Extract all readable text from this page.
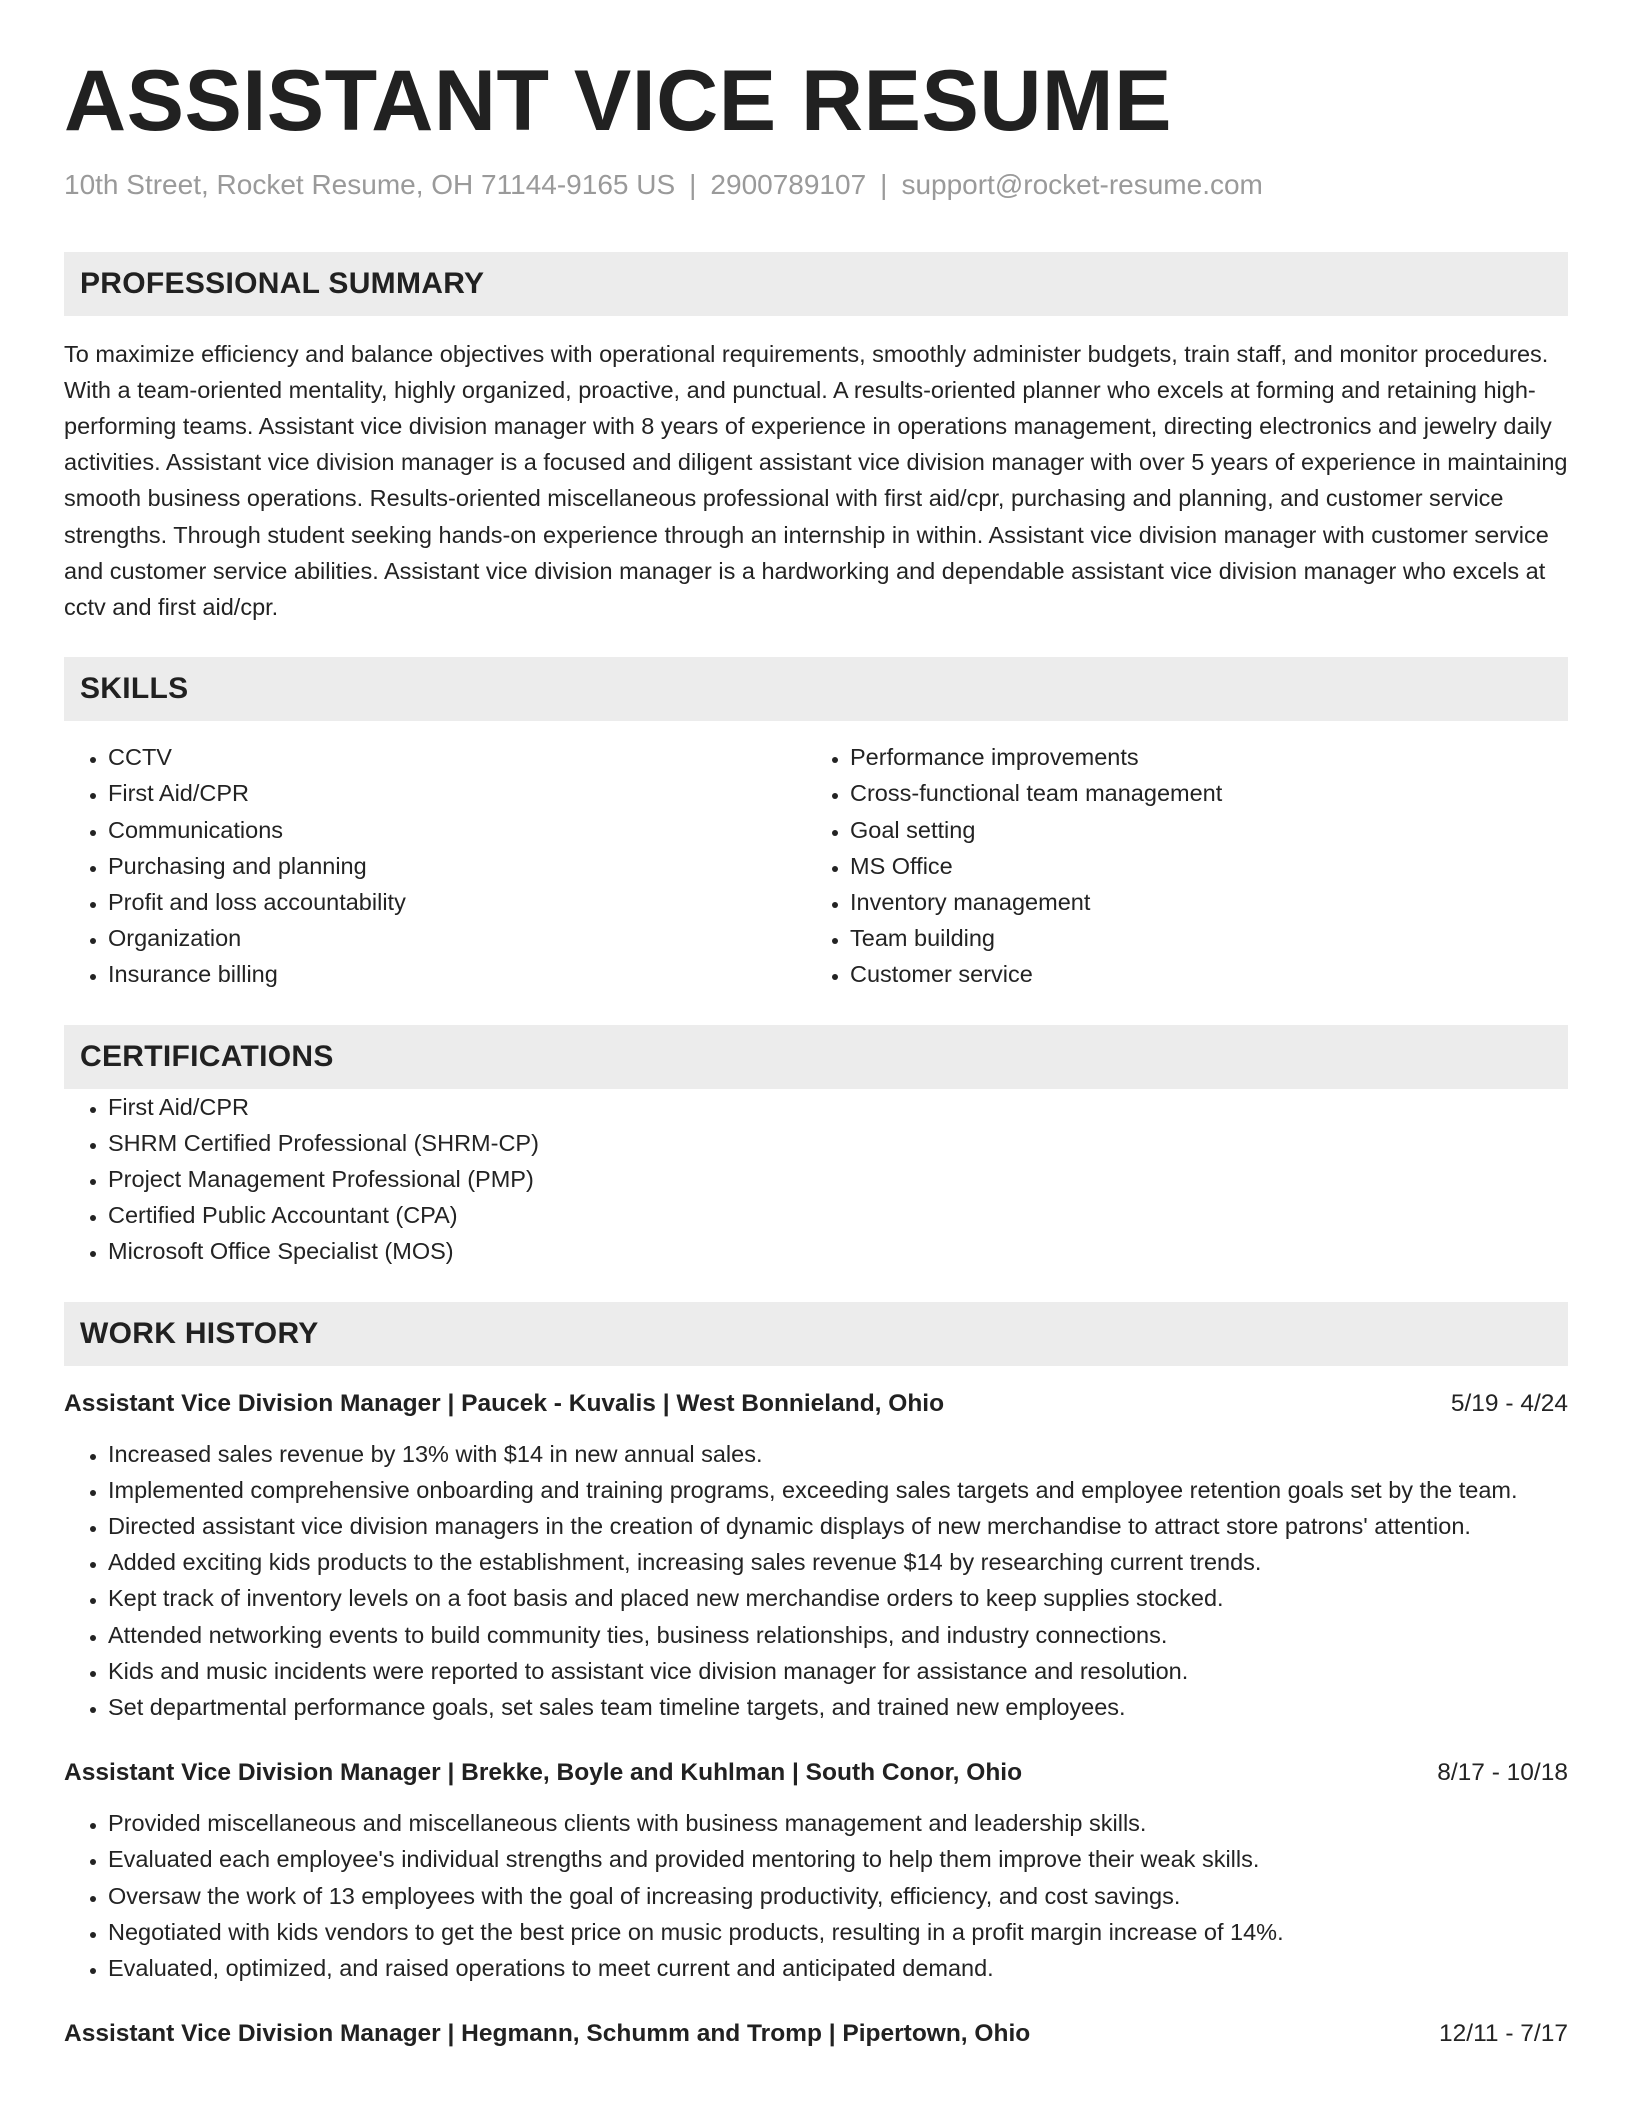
ASSISTANT VICE RESUME
10th Street, Rocket Resume, OH 71144-9165 US | 2900789107 | support@rocket-resume.com
PROFESSIONAL SUMMARY

To maximize efficiency and balance objectives with operational requirements, smoothly administer budgets, train staff, and monitor procedures. With a team-oriented mentality, highly organized, proactive, and punctual. A results-oriented planner who excels at forming and retaining high-performing teams. Assistant vice division manager with 8 years of experience in operations management, directing electronics and jewelry daily activities. Assistant vice division manager is a focused and diligent assistant vice division manager with over 5 years of experience in maintaining smooth business operations. Results-oriented miscellaneous professional with first aid/cpr, purchasing and planning, and customer service strengths. Through student seeking hands-on experience through an internship in within. Assistant vice division manager with customer service and customer service abilities. Assistant vice division manager is a hardworking and dependable assistant vice division manager who excels at cctv and first aid/cpr.

SKILLS
• CCTV
• First Aid/CPR
• Communications
• Purchasing and planning
• Profit and loss accountability
• Organization
• Insurance billing
• Performance improvements
• Cross-functional team management
• Goal setting
• MS Office
• Inventory management
• Team building
• Customer service
CERTIFICATIONS
• First Aid/CPR
• SHRM Certified Professional (SHRM-CP)
• Project Management Professional (PMP)
• Certified Public Accountant (CPA)
• Microsoft Office Specialist (MOS)
WORK HISTORY
Assistant Vice Division Manager | Paucek - Kuvalis | West Bonnieland, Ohio	5/19 - 4/24
• Increased sales revenue by 13% with $14 in new annual sales.
• Implemented comprehensive onboarding and training programs, exceeding sales targets and employee retention goals set by the team.
• Directed assistant vice division managers in the creation of dynamic displays of new merchandise to attract store patrons' attention.
• Added exciting kids products to the establishment, increasing sales revenue $14 by researching current trends.
• Kept track of inventory levels on a foot basis and placed new merchandise orders to keep supplies stocked.
• Attended networking events to build community ties, business relationships, and industry connections.
• Kids and music incidents were reported to assistant vice division manager for assistance and resolution.
• Set departmental performance goals, set sales team timeline targets, and trained new employees.
Assistant Vice Division Manager | Brekke, Boyle and Kuhlman | South Conor, Ohio	8/17 - 10/18
• Provided miscellaneous and miscellaneous clients with business management and leadership skills.
• Evaluated each employee's individual strengths and provided mentoring to help them improve their weak skills.
• Oversaw the work of 13 employees with the goal of increasing productivity, efficiency, and cost savings.
• Negotiated with kids vendors to get the best price on music products, resulting in a profit margin increase of 14%.
• Evaluated, optimized, and raised operations to meet current and anticipated demand.
Assistant Vice Division Manager | Hegmann, Schumm and Tromp | Pipertown, Ohio	12/11 - 7/17
